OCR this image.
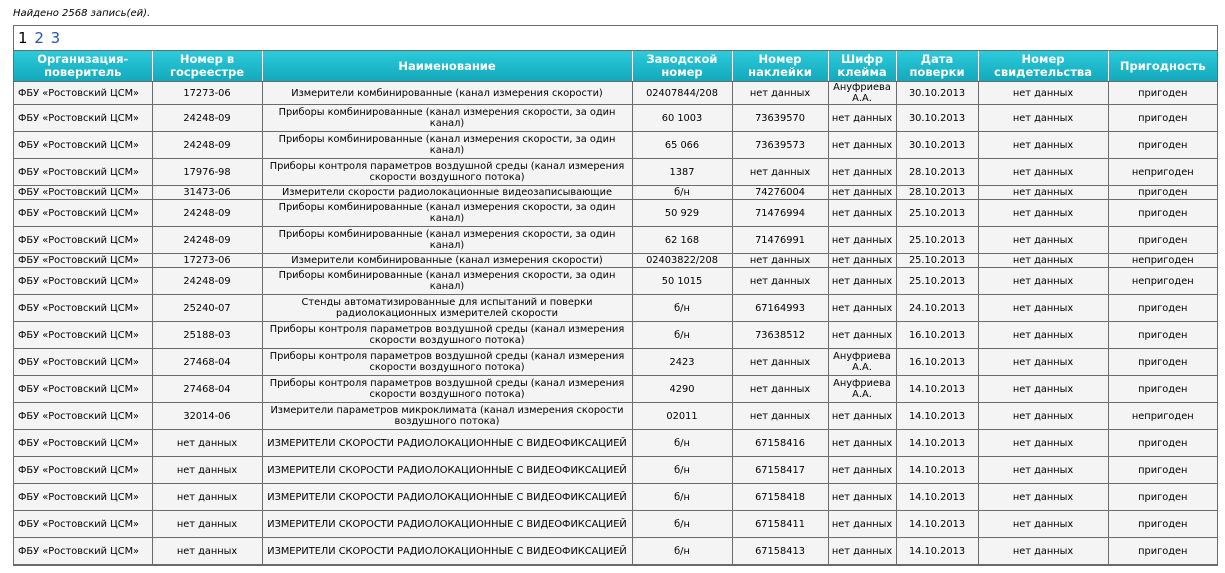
Найдено 2568 запись(ей).
1 2 3
Организация-поверитель	Номер в госреестре	Наименование	Заводской номер	Номер наклейки	Шифр клейма	Дата поверки	Номер свидетельства	Пригодность
ФБУ «Ростовский ЦСМ»	17273-06	Измерители комбинированные (канал измерения скорости)	02407844/208	нет данных	Ануфриева А.А.	30.10.2013	нет данных	пригоден
ФБУ «Ростовский ЦСМ»	24248-09	Приборы комбинированные (канал измерения скорости, за один канал)	60 1003	73639570	нет данных	30.10.2013	нет данных	пригоден
ФБУ «Ростовский ЦСМ»	24248-09	Приборы комбинированные (канал измерения скорости, за один канал)	65 066	73639573	нет данных	30.10.2013	нет данных	пригоден
ФБУ «Ростовский ЦСМ»	17976-98	Приборы контроля параметров воздушной среды (канал измерения скорости воздушного потока)	1387	нет данных	нет данных	28.10.2013	нет данных	непригоден
ФБУ «Ростовский ЦСМ»	31473-06	Измерители скорости радиолокационные видеозаписывающие	б/н	74276004	нет данных	28.10.2013	нет данных	пригоден
ФБУ «Ростовский ЦСМ»	24248-09	Приборы комбинированные (канал измерения скорости, за один канал)	50 929	71476994	нет данных	25.10.2013	нет данных	пригоден
ФБУ «Ростовский ЦСМ»	24248-09	Приборы комбинированные (канал измерения скорости, за один канал)	62 168	71476991	нет данных	25.10.2013	нет данных	пригоден
ФБУ «Ростовский ЦСМ»	17273-06	Измерители комбинированные (канал измерения скорости)	02403822/208	нет данных	нет данных	25.10.2013	нет данных	непригоден
ФБУ «Ростовский ЦСМ»	24248-09	Приборы комбинированные (канал измерения скорости, за один канал)	50 1015	нет данных	нет данных	25.10.2013	нет данных	непригоден
ФБУ «Ростовский ЦСМ»	25240-07	Стенды автоматизированные для испытаний и поверки радиолокационных измерителей скорости	б/н	67164993	нет данных	24.10.2013	нет данных	пригоден
ФБУ «Ростовский ЦСМ»	25188-03	Приборы контроля параметров воздушной среды (канал измерения скорости воздушного потока)	б/н	73638512	нет данных	16.10.2013	нет данных	пригоден
ФБУ «Ростовский ЦСМ»	27468-04	Приборы контроля параметров воздушной среды (канал измерения скорости воздушного потока)	2423	нет данных	Ануфриева А.А.	16.10.2013	нет данных	пригоден
ФБУ «Ростовский ЦСМ»	27468-04	Приборы контроля параметров воздушной среды (канал измерения скорости воздушного потока)	4290	нет данных	Ануфриева А.А.	14.10.2013	нет данных	пригоден
ФБУ «Ростовский ЦСМ»	32014-06	Измерители параметров микроклимата (канал измерения скорости воздушного потока)	02011	нет данных	нет данных	14.10.2013	нет данных	непригоден
ФБУ «Ростовский ЦСМ»	нет данных	ИЗМЕРИТЕЛИ СКОРОСТИ РАДИОЛОКАЦИОННЫЕ С ВИДЕОФИКСАЦИЕЙ	б/н	67158416	нет данных	14.10.2013	нет данных	пригоден
ФБУ «Ростовский ЦСМ»	нет данных	ИЗМЕРИТЕЛИ СКОРОСТИ РАДИОЛОКАЦИОННЫЕ С ВИДЕОФИКСАЦИЕЙ	б/н	67158417	нет данных	14.10.2013	нет данных	пригоден
ФБУ «Ростовский ЦСМ»	нет данных	ИЗМЕРИТЕЛИ СКОРОСТИ РАДИОЛОКАЦИОННЫЕ С ВИДЕОФИКСАЦИЕЙ	б/н	67158418	нет данных	14.10.2013	нет данных	пригоден
ФБУ «Ростовский ЦСМ»	нет данных	ИЗМЕРИТЕЛИ СКОРОСТИ РАДИОЛОКАЦИОННЫЕ С ВИДЕОФИКСАЦИЕЙ	б/н	67158411	нет данных	14.10.2013	нет данных	пригоден
ФБУ «Ростовский ЦСМ»	нет данных	ИЗМЕРИТЕЛИ СКОРОСТИ РАДИОЛОКАЦИОННЫЕ С ВИДЕОФИКСАЦИЕЙ	б/н	67158413	нет данных	14.10.2013	нет данных	пригоден
